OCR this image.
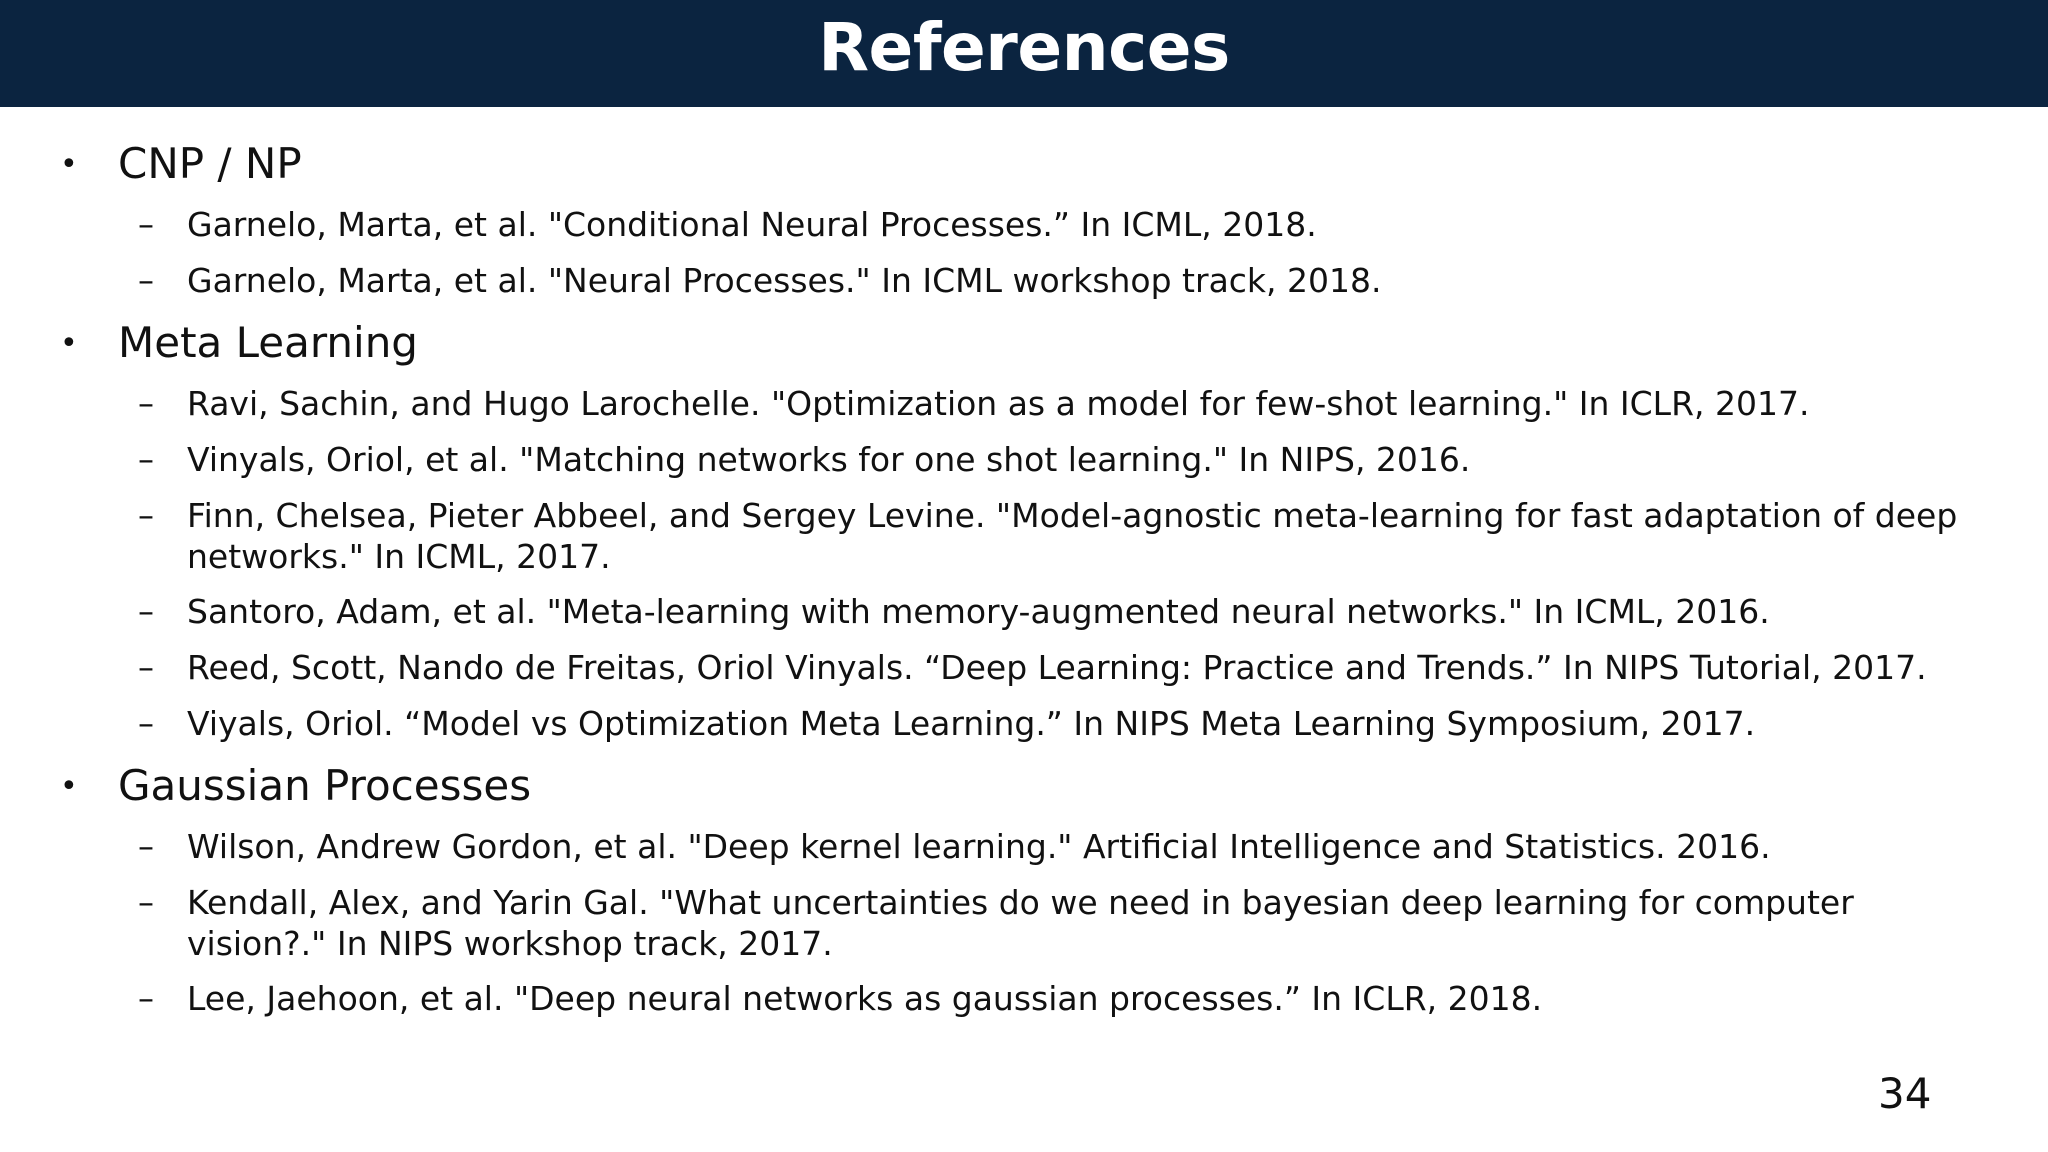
References
• CNP / NP
– Garnelo, Marta, et al. "Conditional Neural Processes.” In ICML, 2018.
– Garnelo, Marta, et al. "Neural Processes." In ICML workshop track, 2018.
• Meta Learning
– Ravi, Sachin, and Hugo Larochelle. "Optimization as a model for few-shot learning." In ICLR, 2017.
– Vinyals, Oriol, et al. "Matching networks for one shot learning." In NIPS, 2016.
– Finn, Chelsea, Pieter Abbeel, and Sergey Levine. "Model-agnostic meta-learning for fast adaptation of deep
networks." In ICML, 2017.
– Santoro, Adam, et al. "Meta-learning with memory-augmented neural networks." In ICML, 2016.
– Reed, Scott, Nando de Freitas, Oriol Vinyals. “Deep Learning: Practice and Trends.” In NIPS Tutorial, 2017.
– Viyals, Oriol. “Model vs Optimization Meta Learning.” In NIPS Meta Learning Symposium, 2017.
• Gaussian Processes
– Wilson, Andrew Gordon, et al. "Deep kernel learning." Artificial Intelligence and Statistics. 2016.
– Kendall, Alex, and Yarin Gal. "What uncertainties do we need in bayesian deep learning for computer
vision?." In NIPS workshop track, 2017.
– Lee, Jaehoon, et al. "Deep neural networks as gaussian processes.” In ICLR, 2018.
34
